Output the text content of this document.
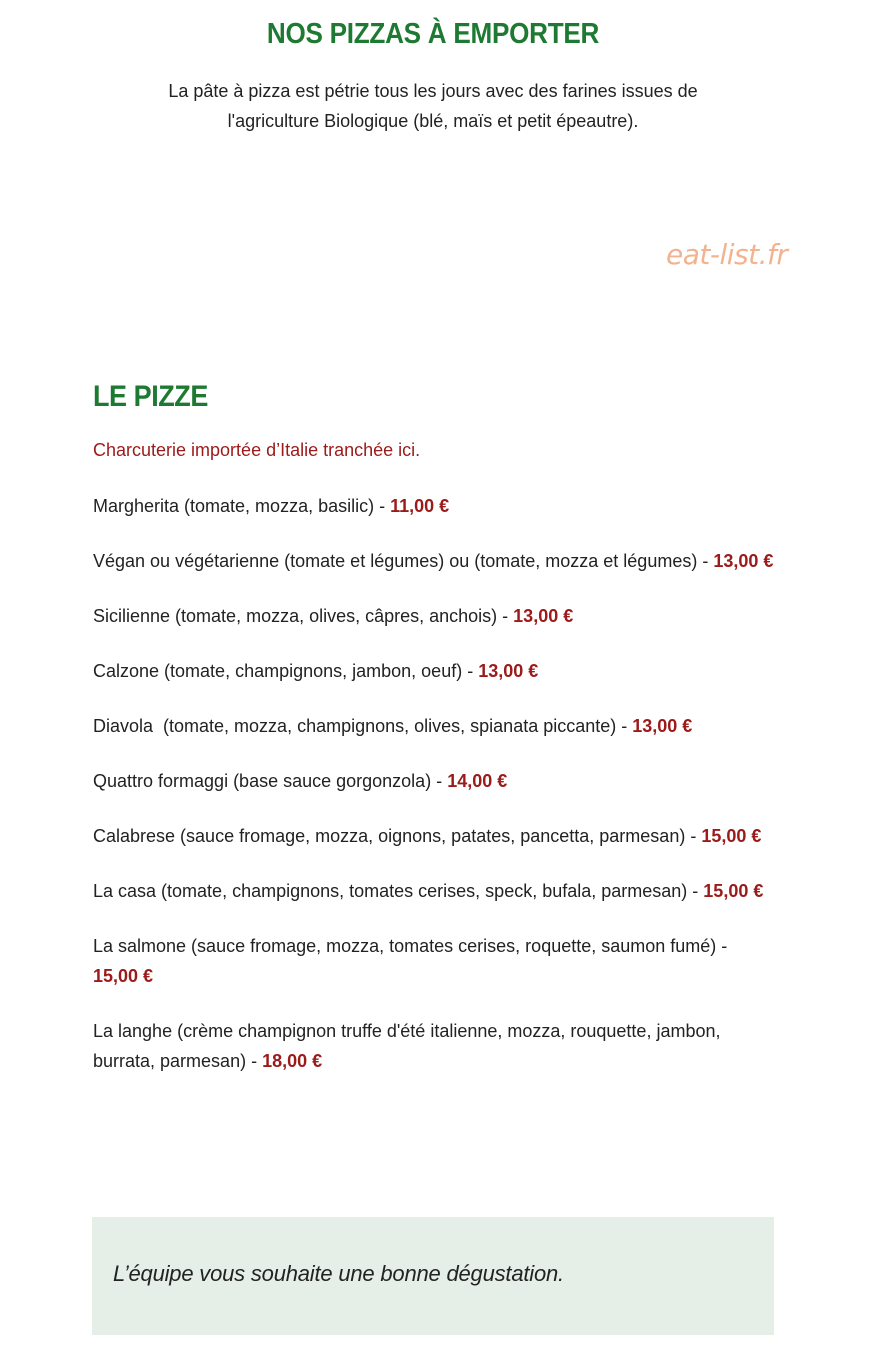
NOS PIZZAS À EMPORTER

La pâte à pizza est pétrie tous les jours avec des farines issues de
l'agriculture Biologique (blé, maïs et petit épeautre).

eat-list.fr
LE PIZZE
Charcuterie importée d’Italie tranchée ici.
Margherita (tomate, mozza, basilic) - 11,00 €
Végan ou végétarienne (tomate et légumes) ou (tomate, mozza et légumes) - 13,00 €
Sicilienne (tomate, mozza, olives, câpres, anchois) - 13,00 €
Calzone (tomate, champignons, jambon, oeuf) - 13,00 €
Diavola  (tomate, mozza, champignons, olives, spianata piccante) - 13,00 €
Quattro formaggi (base sauce gorgonzola) - 14,00 €
Calabrese (sauce fromage, mozza, oignons, patates, pancetta, parmesan) - 15,00 €
La casa (tomate, champignons, tomates cerises, speck, bufala, parmesan) - 15,00 €
La salmone (sauce fromage, mozza, tomates cerises, roquette, saumon fumé) - 15,00 €
La langhe (crème champignon truffe d'été italienne, mozza, rouquette, jambon, burrata, parmesan) - 18,00 €
L’équipe vous souhaite une bonne dégustation.
